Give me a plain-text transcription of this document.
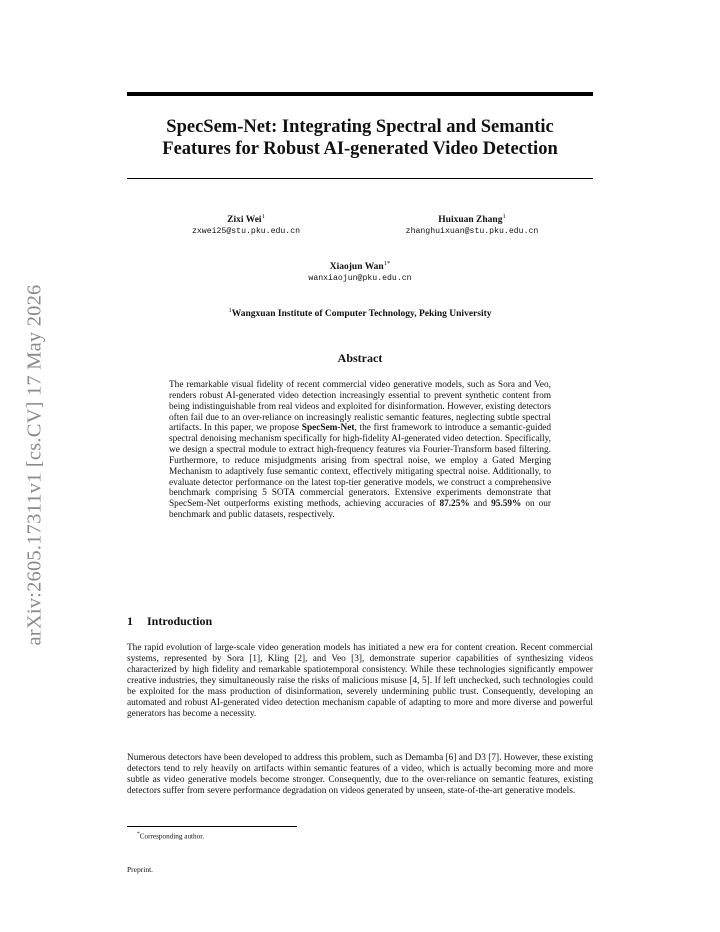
arXiv:2605.17311v1 [cs.CV] 17 May 2026
SpecSem-Net: Integrating Spectral and Semantic
Features for Robust AI-generated Video Detection
Zixi Wei$^1$
zxwei25@stu.pku.edu.cn
Huixuan Zhang$^1$
zhanghuixuan@stu.pku.edu.cn
Xiaojun Wan$^{1*}$
wanxiaojun@pku.edu.cn
$^1$Wangxuan Institute of Computer Technology, Peking University
Abstract

The remarkable visual fidelity of recent commercial video generative models, such as Sora and Veo, renders robust AI-generated video detection increasingly essential to prevent synthetic content from being indistinguishable from real videos and exploited for disinformation. However, existing detectors often fail due to an over-reliance on increasingly realistic semantic features, neglecting subtle spectral artifacts. In this paper, we propose SpecSem-Net, the first framework to introduce a semantic-guided spectral denoising mechanism specifically for high-fidelity AI-generated video detection. Specifically, we design a spectral module to extract high-frequency features via Fourier-Transform based filtering. Furthermore, to reduce misjudgments arising from spectral noise, we employ a Gated Merging Mechanism to adaptively fuse semantic context, effectively mitigating spectral noise. Additionally, to evaluate detector performance on the latest top-tier generative models, we construct a comprehensive benchmark comprising 5 SOTA commercial generators. Extensive experiments demonstrate that SpecSem-Net outperforms existing methods, achieving accuracies of 87.25% and 95.59% on our benchmark and public datasets, respectively.

1 Introduction

The rapid evolution of large-scale video generation models has initiated a new era for content creation. Recent commercial systems, represented by Sora [1], Kling [2], and Veo [3], demonstrate superior capabilities of synthesizing videos characterized by high fidelity and remarkable spatiotemporal consistency. While these technologies significantly empower creative industries, they simultaneously raise the risks of malicious misuse [4, 5]. If left unchecked, such technologies could be exploited for the mass production of disinformation, severely undermining public trust. Consequently, developing an automated and robust AI-generated video detection mechanism capable of adapting to more and more diverse and powerful generators has become a necessity.

Numerous detectors have been developed to address this problem, such as Demamba [6] and D3 [7]. However, these existing detectors tend to rely heavily on artifacts within semantic features of a video, which is actually becoming more and more subtle as video generative models become stronger. Consequently, due to the over-reliance on semantic features, existing detectors suffer from severe performance degradation on videos generated by unseen, state-of-the-art generative models.

*Corresponding author.
Preprint.
